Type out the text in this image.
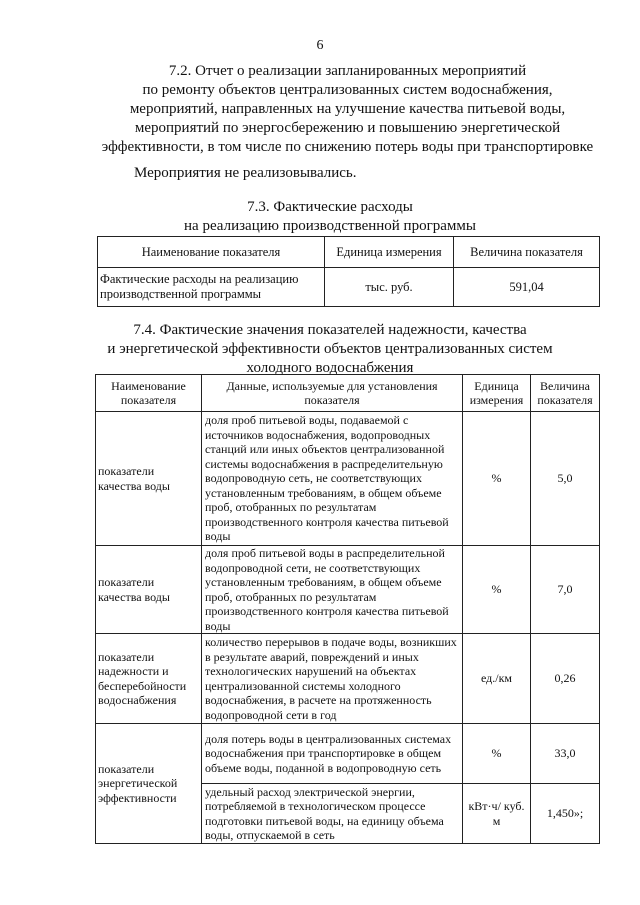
6
7.2. Отчет о реализации запланированных мероприятий
по ремонту объектов централизованных систем водоснабжения,
мероприятий, направленных на улучшение качества питьевой воды,
мероприятий по энергосбережению и повышению энергетической
эффективности, в том числе по снижению потерь воды при транспортировке
Мероприятия не реализовывались.
7.3. Фактические расходы
на реализацию производственной программы
Наименование показателя	Единица измерения	Величина показателя
Фактические расходы на реализацию производственной программы	тыс. руб.	591,04
7.4. Фактические значения показателей надежности, качества
и энергетической эффективности объектов централизованных систем
холодного водоснабжения
Наименование показателя	Данные, используемые для установления показателя	Единица измерения	Величина показателя
показатели качества воды	доля проб питьевой воды, подаваемой с источников водоснабжения, водопроводных станций или иных объектов централизованной системы водоснабжения в распределительную водопроводную сеть, не соответствующих установленным требованиям, в общем объеме проб, отобранных по результатам производственного контроля качества питьевой воды	%	5,0
показатели качества воды	доля проб питьевой воды в распределительной водопроводной сети, не соответствующих установленным требованиям, в общем объеме проб, отобранных по результатам производственного контроля качества питьевой воды	%	7,0
показатели надежности и бесперебойности водоснабжения	количество перерывов в подаче воды, возникших в результате аварий, повреждений и иных технологических нарушений на объектах централизованной системы холодного водоснабжения, в расчете на протяженность водопроводной сети в год	ед./км	0,26
показатели энергетической эффективности	доля потерь воды в централизованных системах водоснабжения при транспортировке в общем объеме воды, поданной в водопроводную сеть	%	33,0
	удельный расход электрической энергии, потребляемой в технологическом процессе подготовки питьевой воды, на единицу объема воды, отпускаемой в сеть	кВт·ч/ куб. м	1,450»;
